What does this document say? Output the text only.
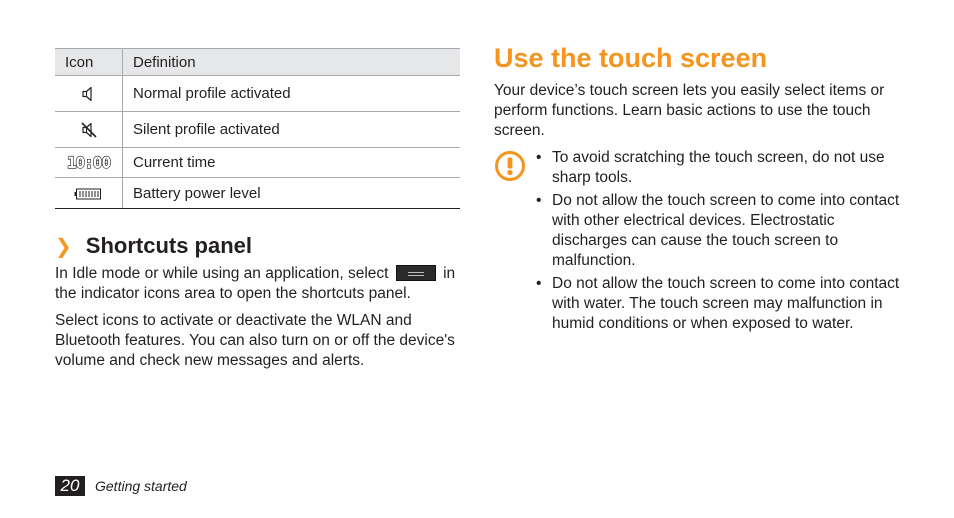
Icon	Definition
	Normal profile activated
	Silent profile activated
10:00	Current time
	Battery power level
❯ Shortcuts panel
In Idle mode or while using an application, select	in the indicator icons area to open the shortcuts panel.
Select icons to activate or deactivate the WLAN and Bluetooth features. You can also turn on or off the device's volume and check new messages and alerts.
20	Getting started
Use the touch screen
Your device’s touch screen lets you easily select items or perform functions. Learn basic actions to use the touch screen.
• To avoid scratching the touch screen, do not use sharp tools.
• Do not allow the touch screen to come into contact with other electrical devices. Electrostatic discharges can cause the touch screen to malfunction.
• Do not allow the touch screen to come into contact with water. The touch screen may malfunction in humid conditions or when exposed to water.
